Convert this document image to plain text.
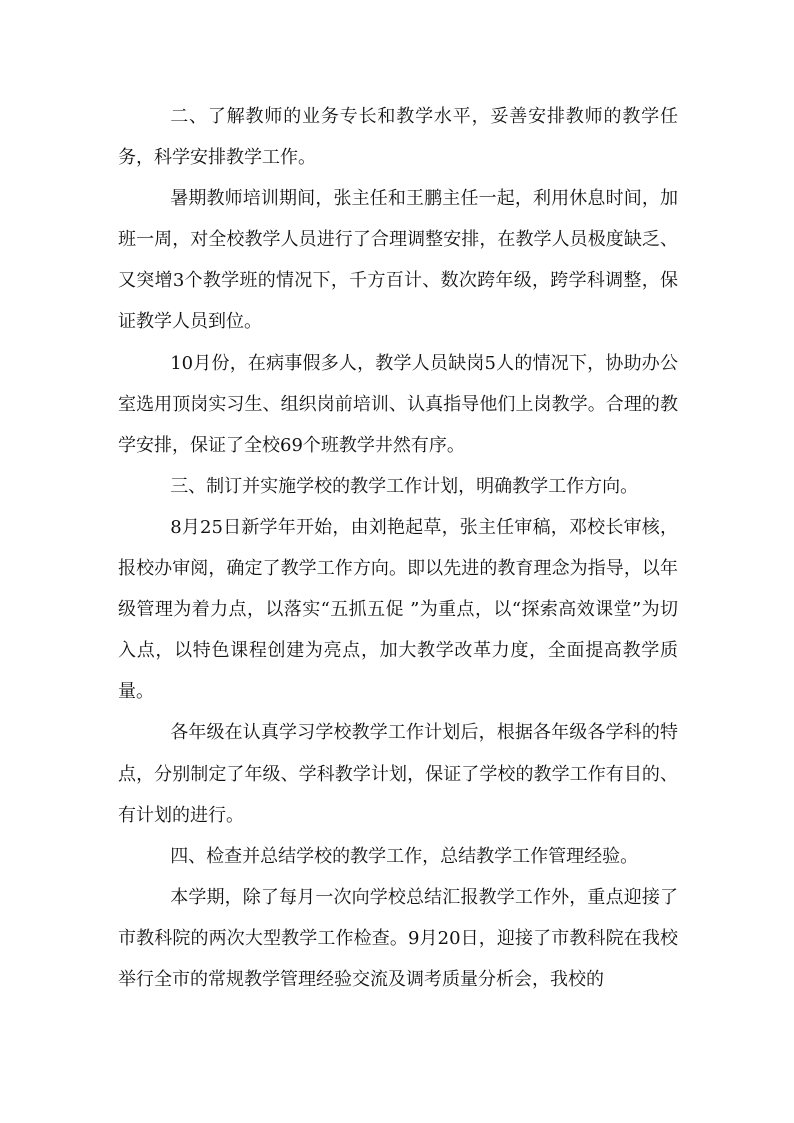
二、了解教师的业务专长和教学水平，妥善安排教师的教学任务，科学安排教学工作。

暑期教师培训期间，张主任和王鹏主任一起，利用休息时间，加班一周，对全校教学人员进行了合理调整安排，在教学人员极度缺乏、又突增3个教学班的情况下，千方百计、数次跨年级，跨学科调整，保证教学人员到位。

10月份，在病事假多人，教学人员缺岗5人的情况下，协助办公室选用顶岗实习生、组织岗前培训、认真指导他们上岗教学。合理的教学安排，保证了全校69个班教学井然有序。

三、制订并实施学校的教学工作计划，明确教学工作方向。

8月25日新学年开始，由刘艳起草，张主任审稿，邓校长审核，报校办审阅，确定了教学工作方向。即以先进的教育理念为指导，以年级管理为着力点，以落实“五抓五促 ”为重点，以“探索高效课堂”为切入点，以特色课程创建为亮点，加大教学改革力度，全面提高教学质量。

各年级在认真学习学校教学工作计划后，根据各年级各学科的特点，分别制定了年级、学科教学计划，保证了学校的教学工作有目的、有计划的进行。

四、检查并总结学校的教学工作，总结教学工作管理经验。

本学期，除了每月一次向学校总结汇报教学工作外，重点迎接了市教科院的两次大型教学工作检查。9月20日，迎接了市教科院在我校举行全市的常规教学管理经验交流及调考质量分析会，我校的
